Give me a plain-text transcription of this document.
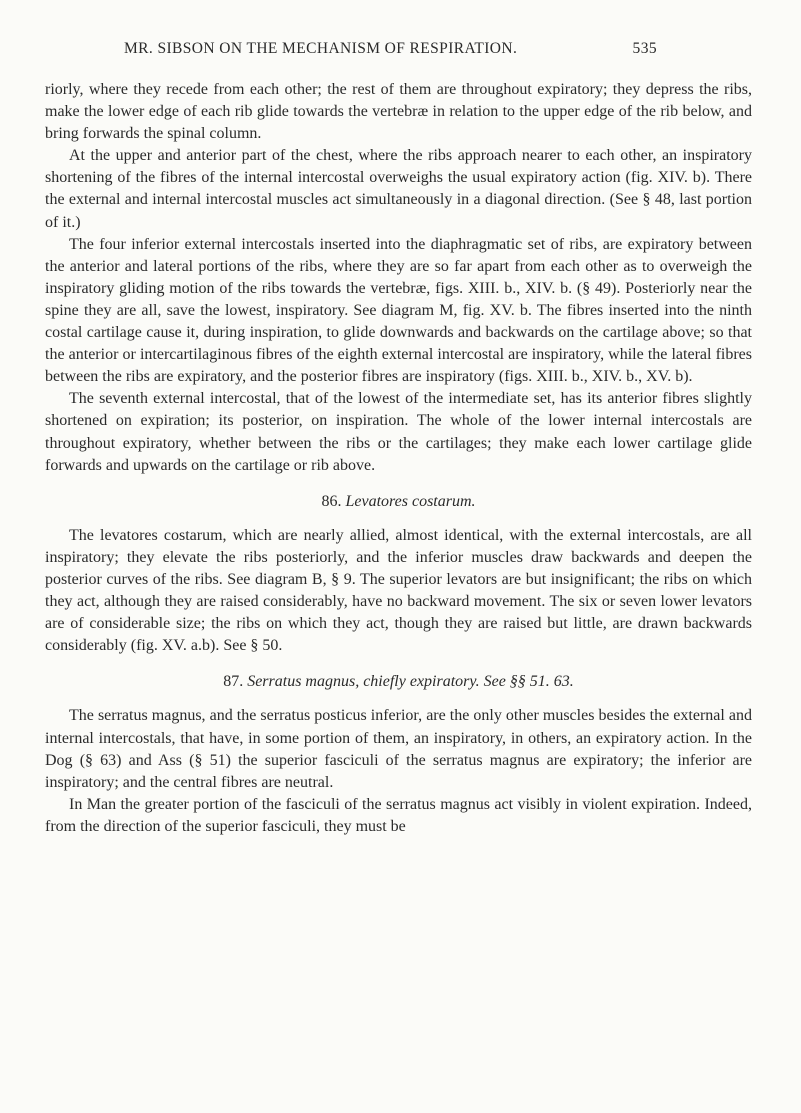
MR. SIBSON ON THE MECHANISM OF RESPIRATION.	535

riorly, where they recede from each other; the rest of them are throughout expiratory; they depress the ribs, make the lower edge of each rib glide towards the vertebræ in relation to the upper edge of the rib below, and bring forwards the spinal column.

At the upper and anterior part of the chest, where the ribs approach nearer to each other, an inspiratory shortening of the fibres of the internal intercostal overweighs the usual expiratory action (fig. XIV. b). There the external and internal intercostal muscles act simultaneously in a diagonal direction. (See § 48, last portion of it.)

The four inferior external intercostals inserted into the diaphragmatic set of ribs, are expiratory between the anterior and lateral portions of the ribs, where they are so far apart from each other as to overweigh the inspiratory gliding motion of the ribs towards the vertebræ, figs. XIII. b., XIV. b. (§ 49). Posteriorly near the spine they are all, save the lowest, inspiratory. See diagram M, fig. XV. b. The fibres inserted into the ninth costal cartilage cause it, during inspiration, to glide downwards and backwards on the cartilage above; so that the anterior or intercartilaginous fibres of the eighth external intercostal are inspiratory, while the lateral fibres between the ribs are expiratory, and the posterior fibres are inspiratory (figs. XIII. b., XIV. b., XV. b).

The seventh external intercostal, that of the lowest of the intermediate set, has its anterior fibres slightly shortened on expiration; its posterior, on inspiration. The whole of the lower internal intercostals are throughout expiratory, whether between the ribs or the cartilages; they make each lower cartilage glide forwards and upwards on the cartilage or rib above.

86. Levatores costarum.

The levatores costarum, which are nearly allied, almost identical, with the external intercostals, are all inspiratory; they elevate the ribs posteriorly, and the inferior muscles draw backwards and deepen the posterior curves of the ribs. See diagram B, § 9. The superior levators are but insignificant; the ribs on which they act, although they are raised considerably, have no backward movement. The six or seven lower levators are of considerable size; the ribs on which they act, though they are raised but little, are drawn backwards considerably (fig. XV. a.b). See § 50.

87. Serratus magnus, chiefly expiratory. See §§ 51. 63.

The serratus magnus, and the serratus posticus inferior, are the only other muscles besides the external and internal intercostals, that have, in some portion of them, an inspiratory, in others, an expiratory action. In the Dog (§ 63) and Ass (§ 51) the superior fasciculi of the serratus magnus are expiratory; the inferior are inspiratory; and the central fibres are neutral.

In Man the greater portion of the fasciculi of the serratus magnus act visibly in violent expiration. Indeed, from the direction of the superior fasciculi, they must be
